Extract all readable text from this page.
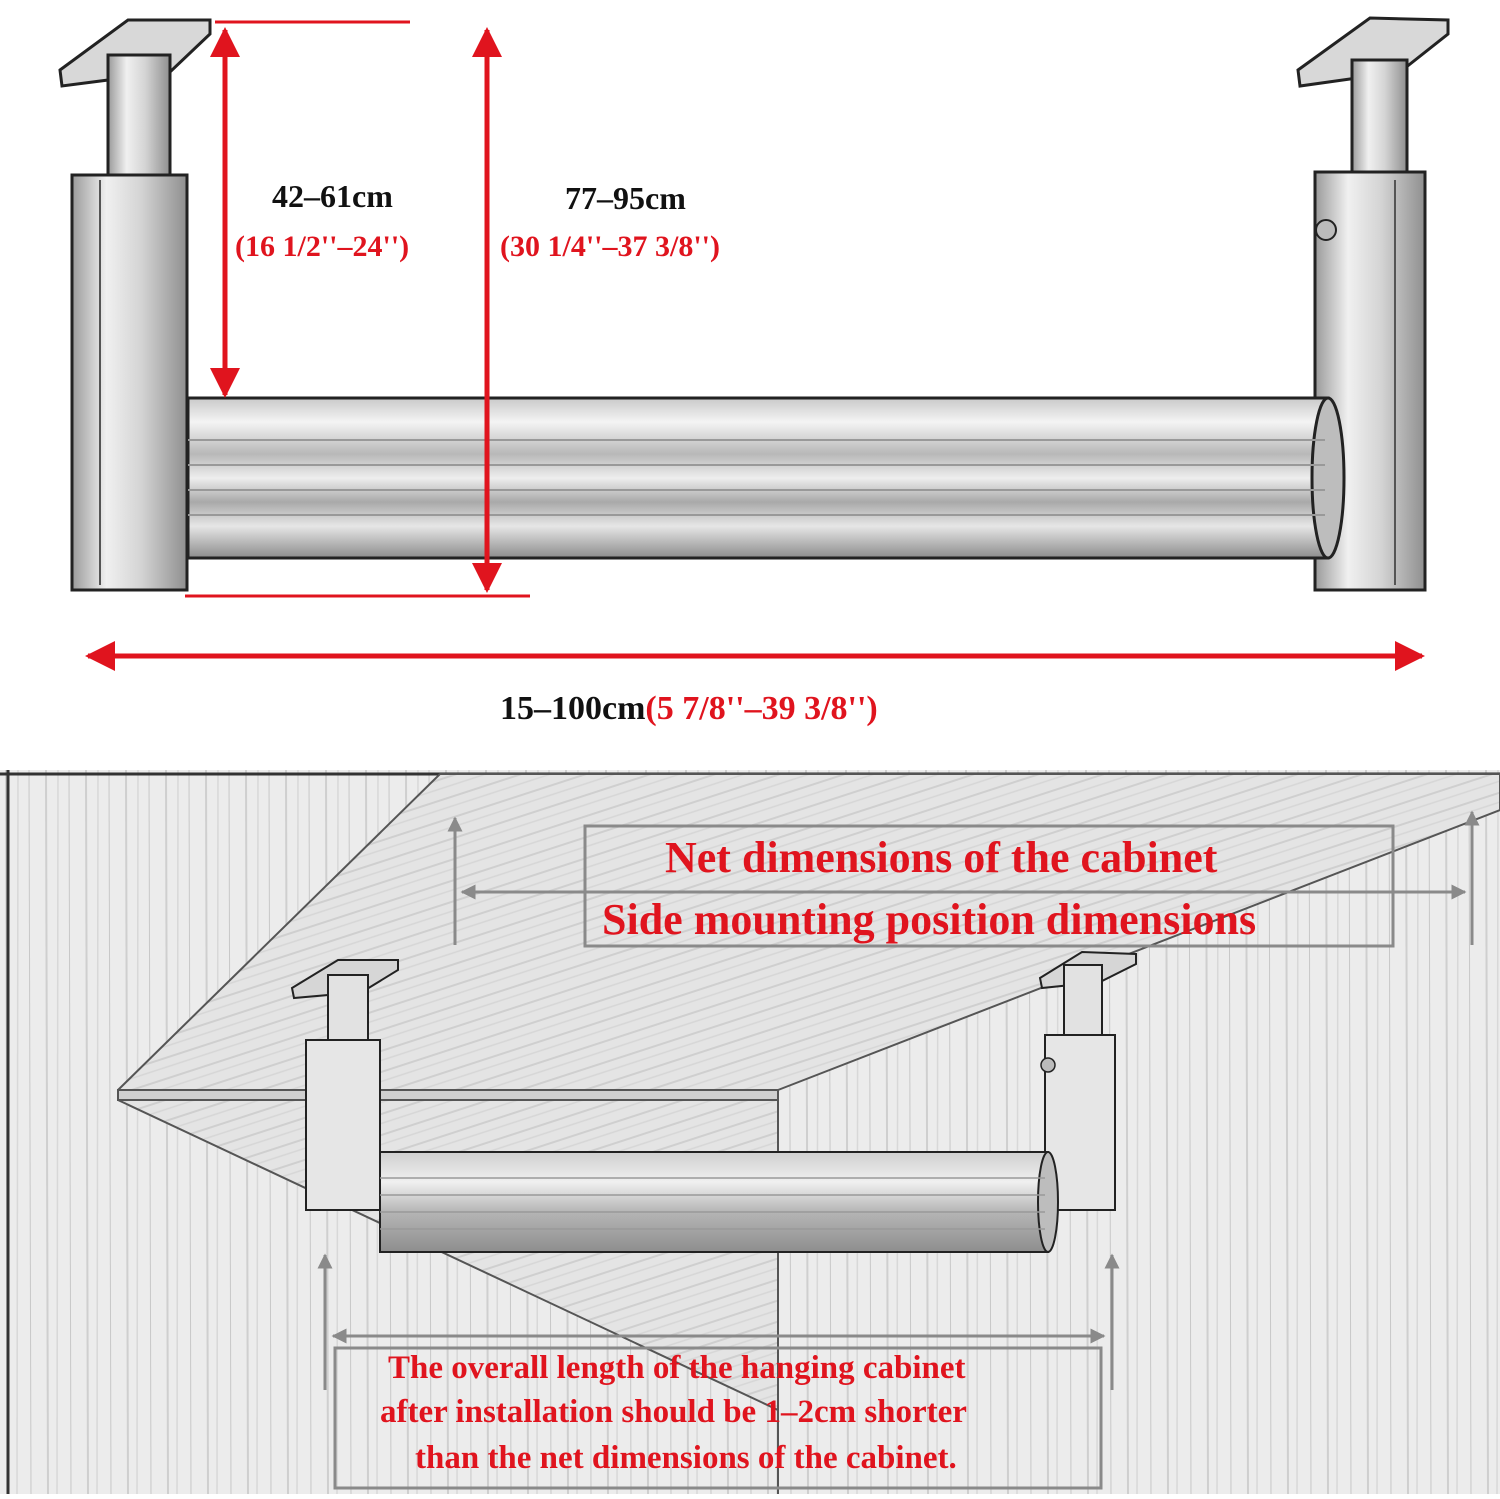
42–61cm
(16 1/2''–24'')
77–95cm
(30 1/4''–37 3/8'')
15–100cm(5 7/8''–39 3/8'')
Net dimensions of the cabinet
Side mounting position dimensions
The overall length of the hanging cabinet
after installation should be 1–2cm shorter
than the net dimensions of the cabinet.
